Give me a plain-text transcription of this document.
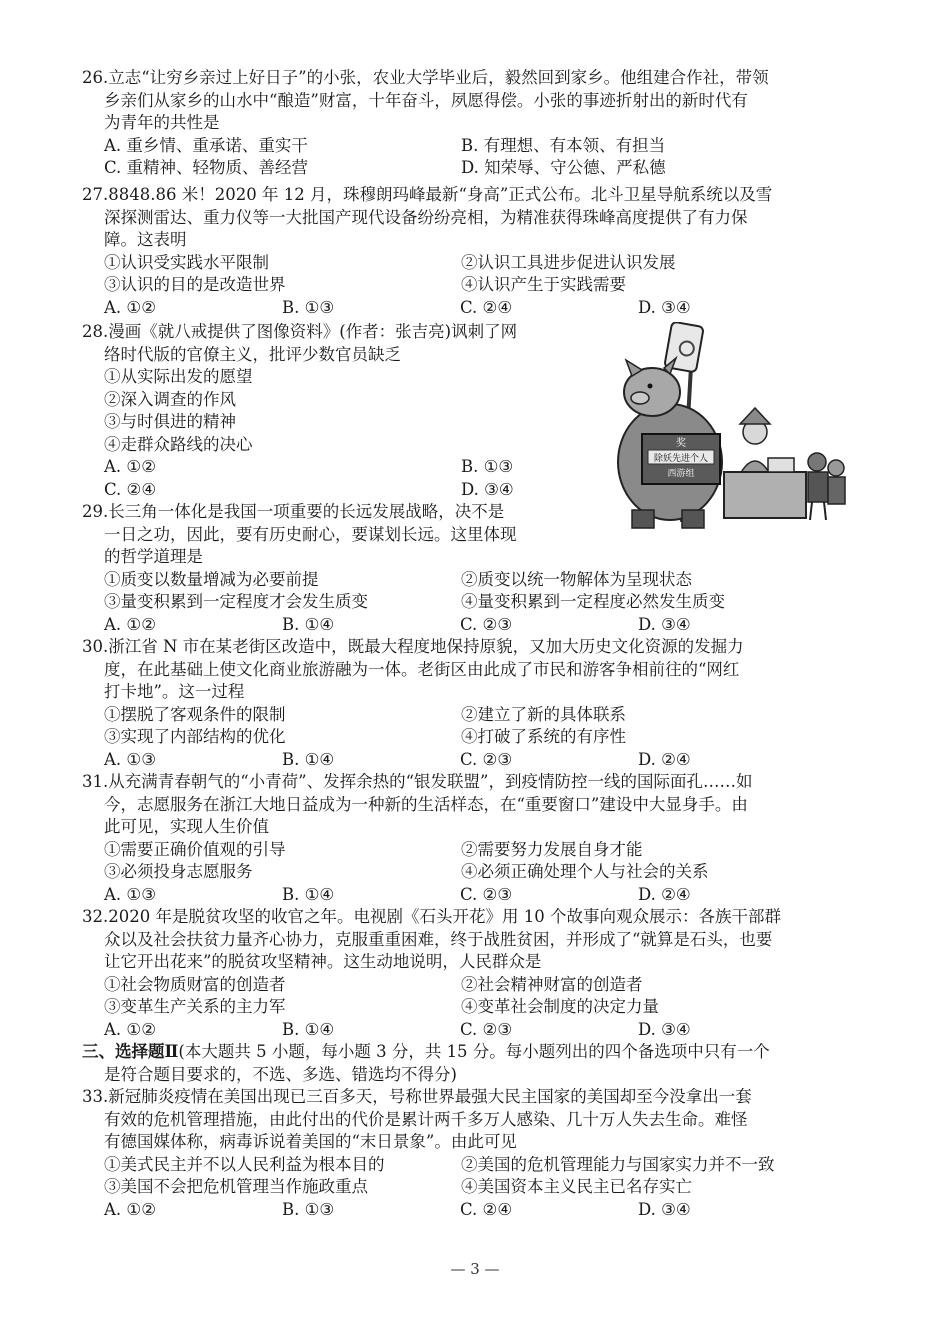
26.立志“让穷乡亲过上好日子”的小张，农业大学毕业后，毅然回到家乡。他组建合作社，带领
乡亲们从家乡的山水中“酿造”财富，十年奋斗，夙愿得偿。小张的事迹折射出的新时代有
为青年的共性是
A. 重乡情、重承诺、重实干	B. 有理想、有本领、有担当
C. 重精神、轻物质、善经营	D. 知荣辱、守公德、严私德
27.8848.86 米！2020 年 12 月，珠穆朗玛峰最新“身高”正式公布。北斗卫星导航系统以及雪
深探测雷达、重力仪等一大批国产现代设备纷纷亮相，为精准获得珠峰高度提供了有力保
障。这表明
①认识受实践水平限制	②认识工具进步促进认识发展
③认识的目的是改造世界	④认识产生于实践需要
A. ①②	B. ①③	C. ②④	D. ③④
28.漫画《就八戒提供了图像资料》(作者：张吉亮)讽刺了网
络时代版的官僚主义，批评少数官员缺乏
①从实际出发的愿望
②深入调查的作风
③与时俱进的精神
④走群众路线的决心
A. ①②	B. ①③
C. ②④	D. ③④
奖
除妖先进个人
西游组
29.长三角一体化是我国一项重要的长远发展战略，决不是
一日之功，因此，要有历史耐心，要谋划长远。这里体现
的哲学道理是
①质变以数量增减为必要前提	②质变以统一物解体为呈现状态
③量变积累到一定程度才会发生质变	④量变积累到一定程度必然发生质变
A. ①②	B. ①④	C. ②③	D. ③④
30.浙江省 N 市在某老街区改造中，既最大程度地保持原貌，又加大历史文化资源的发掘力
度，在此基础上使文化商业旅游融为一体。老街区由此成了市民和游客争相前往的“网红
打卡地”。这一过程
①摆脱了客观条件的限制	②建立了新的具体联系
③实现了内部结构的优化	④打破了系统的有序性
A. ①③	B. ①④	C. ②③	D. ②④
31.从充满青春朝气的“小青荷”、发挥余热的“银发联盟”，到疫情防控一线的国际面孔……如
今，志愿服务在浙江大地日益成为一种新的生活样态，在“重要窗口”建设中大显身手。由
此可见，实现人生价值
①需要正确价值观的引导	②需要努力发展自身才能
③必须投身志愿服务	④必须正确处理个人与社会的关系
A. ①③	B. ①④	C. ②③	D. ②④
32.2020 年是脱贫攻坚的收官之年。电视剧《石头开花》用 10 个故事向观众展示：各族干部群
众以及社会扶贫力量齐心协力，克服重重困难，终于战胜贫困，并形成了“就算是石头，也要
让它开出花来”的脱贫攻坚精神。这生动地说明，人民群众是
①社会物质财富的创造者	②社会精神财富的创造者
③变革生产关系的主力军	④变革社会制度的决定力量
A. ①②	B. ①④	C. ②③	D. ③④
三、选择题Ⅱ(本大题共 5 小题，每小题 3 分，共 15 分。每小题列出的四个备选项中只有一个
是符合题目要求的，不选、多选、错选均不得分)
33.新冠肺炎疫情在美国出现已三百多天，号称世界最强大民主国家的美国却至今没拿出一套
有效的危机管理措施，由此付出的代价是累计两千多万人感染、几十万人失去生命。难怪
有德国媒体称，病毒诉说着美国的“末日景象”。由此可见
①美式民主并不以人民利益为根本目的	②美国的危机管理能力与国家实力并不一致
③美国不会把危机管理当作施政重点	④美国资本主义民主已名存实亡
A. ①②	B. ①③	C. ②④	D. ③④
— 3 —
